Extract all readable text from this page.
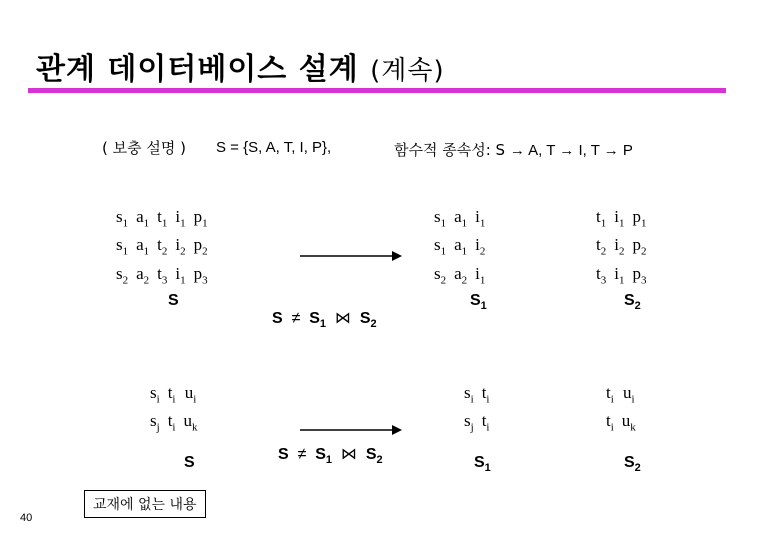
관계 데이터베이스 설계 (계속)
( 보충 설명 ) S = {S, A, T, I, P},	함수적 종속성: S → A, T → I, T → P
$s_1$	$a_1$	$t_1$	$i_1$	$p_1$
$s_1$	$a_1$	$t_2$	$i_2$	$p_2$
$s_2$	$a_2$	$t_3$	$i_1$	$p_3$
$s_1$	$a_1$	$i_1$
$s_1$	$a_1$	$i_2$
$s_2$	$a_2$	$i_1$
$t_1$	$i_1$	$p_1$
$t_2$	$i_2$	$p_2$
$t_3$	$i_1$	$p_3$
S	$S_1$	$S_2$
$S \ne S_1$ ⋈ $S_2$
$s_i$	$t_i$	$u_i$
$s_j$	$t_i$	$u_k$
$s_i$	$t_i$
$s_j$	$t_i$
$t_i$	$u_i$
$t_i$	$u_k$
S	$S_1$	$S_2$
$S \ne S_1$ ⋈ $S_2$
교재에 없는 내용
40
